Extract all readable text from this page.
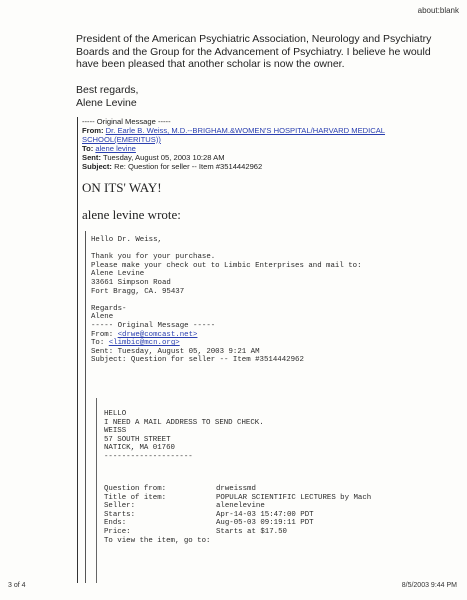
about:blank
President of the American Psychiatric Association, Neurology and Psychiatry
Boards and the Group for the Advancement of Psychiatry. I believe he would
have been pleased that another scholar is now the owner.
Best regards,
Alene Levine
----- Original Message -----
From: Dr. Earle B. Weiss, M.D.--BRIGHAM.&WOMEN'S HOSPITAL/HARVARD MEDICAL
SCHOOL(EMERITUS))
To: alene levine
Sent: Tuesday, August 05, 2003 10:28 AM
Subject: Re: Question for seller -- Item #3514442962
ON ITS' WAY!
alene levine wrote:
Hello Dr. Weiss,
Thank you for your purchase.
Please make your check out to Limbic Enterprises and mail to:
Alene Levine
33661 Simpson Road
Fort Bragg, CA. 95437
Regards-
Alene
----- Original Message -----
From: <drwe@comcast.net>
To: <limbic@mcn.org>
Sent: Tuesday, August 05, 2003 9:21 AM
Subject: Question for seller -- Item #3514442962
HELLO
I NEED A MAIL ADDRESS TO SEND CHECK.
WEISS
57 SOUTH STREET
NATICK, MA 01760
--------------------
Question from:	drweissmd
Title of item:	POPULAR SCIENTIFIC LECTURES by Mach
Seller:	alenelevine
Starts:	Apr-14-03 15:47:00 PDT
Ends:	Aug-05-03 09:19:11 PDT
Price:	Starts at $17.50
To view the item, go to:
3 of 4	8/5/2003 9:44 PM
